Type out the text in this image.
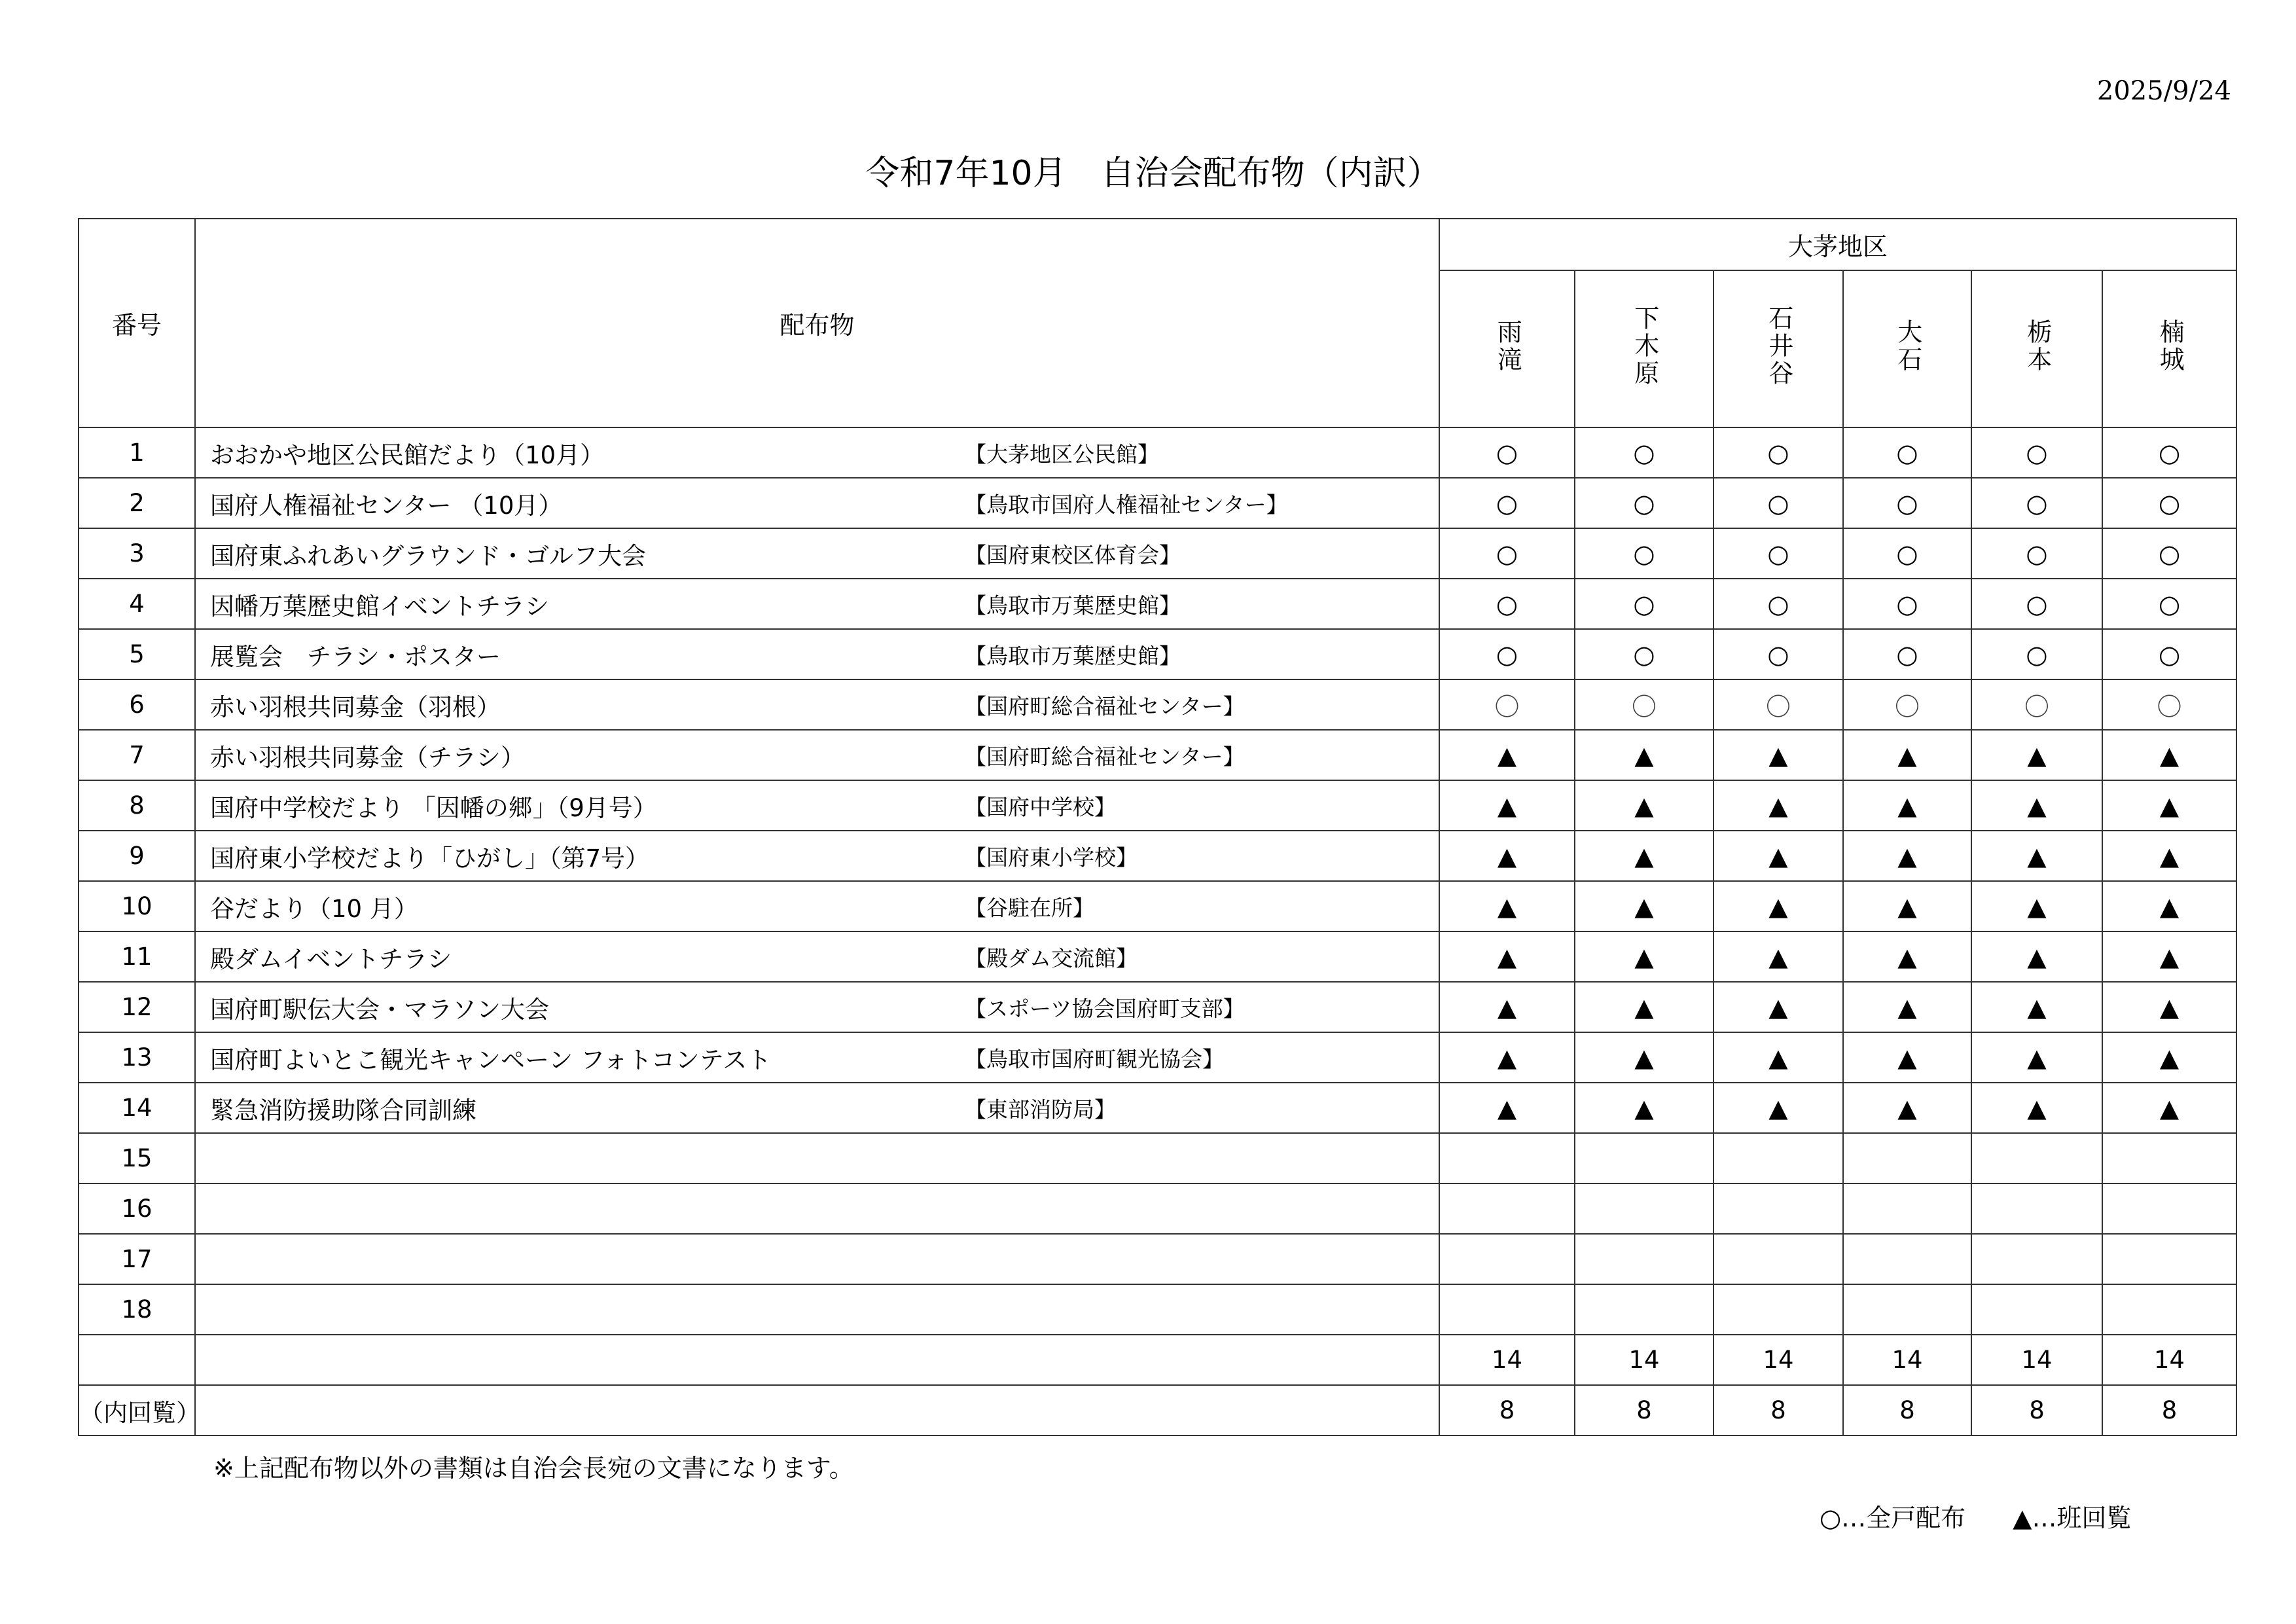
2025/9/24
令和7年10月　自治会配布物（内訳）
番号	配布物	大茅地区					
		雨滝	下木原	石井谷	大石	栃本	楠城
1	おおかや地区公民館だより（10月） 【大茅地区公民館】	○	○	○	○	○	○
2	国府人権福祉センター （10月） 【鳥取市国府人権福祉センター】	○	○	○	○	○	○
3	国府東ふれあいグラウンド・ゴルフ大会 【国府東校区体育会】	○	○	○	○	○	○
4	因幡万葉歴史館イベントチラシ 【鳥取市万葉歴史館】	○	○	○	○	○	○
5	展覧会　チラシ・ポスター 【鳥取市万葉歴史館】	○	○	○	○	○	○
6	赤い羽根共同募金（羽根） 【国府町総合福祉センター】	〇	〇	〇	〇	〇	〇
7	赤い羽根共同募金（チラシ） 【国府町総合福祉センター】	▲	▲	▲	▲	▲	▲
8	国府中学校だより 「因幡の郷」（9月号） 【国府中学校】	▲	▲	▲	▲	▲	▲
9	国府東小学校だより「ひがし」（第7号） 【国府東小学校】	▲	▲	▲	▲	▲	▲
10	谷だより（10 月） 【谷駐在所】	▲	▲	▲	▲	▲	▲
11	殿ダムイベントチラシ 【殿ダム交流館】	▲	▲	▲	▲	▲	▲
12	国府町駅伝大会・マラソン大会 【スポーツ協会国府町支部】	▲	▲	▲	▲	▲	▲
13	国府町よいとこ観光キャンペーン フォトコンテスト 【鳥取市国府町観光協会】	▲	▲	▲	▲	▲	▲
14	緊急消防援助隊合同訓練 【東部消防局】	▲	▲	▲	▲	▲	▲
15	

16	

17	

18	

		14	14	14	14	14	14
（内回覧）		8	8	8	8	8	8
※上記配布物以外の書類は自治会長宛の文書になります。
○…全戸配布 ▲…班回覧
